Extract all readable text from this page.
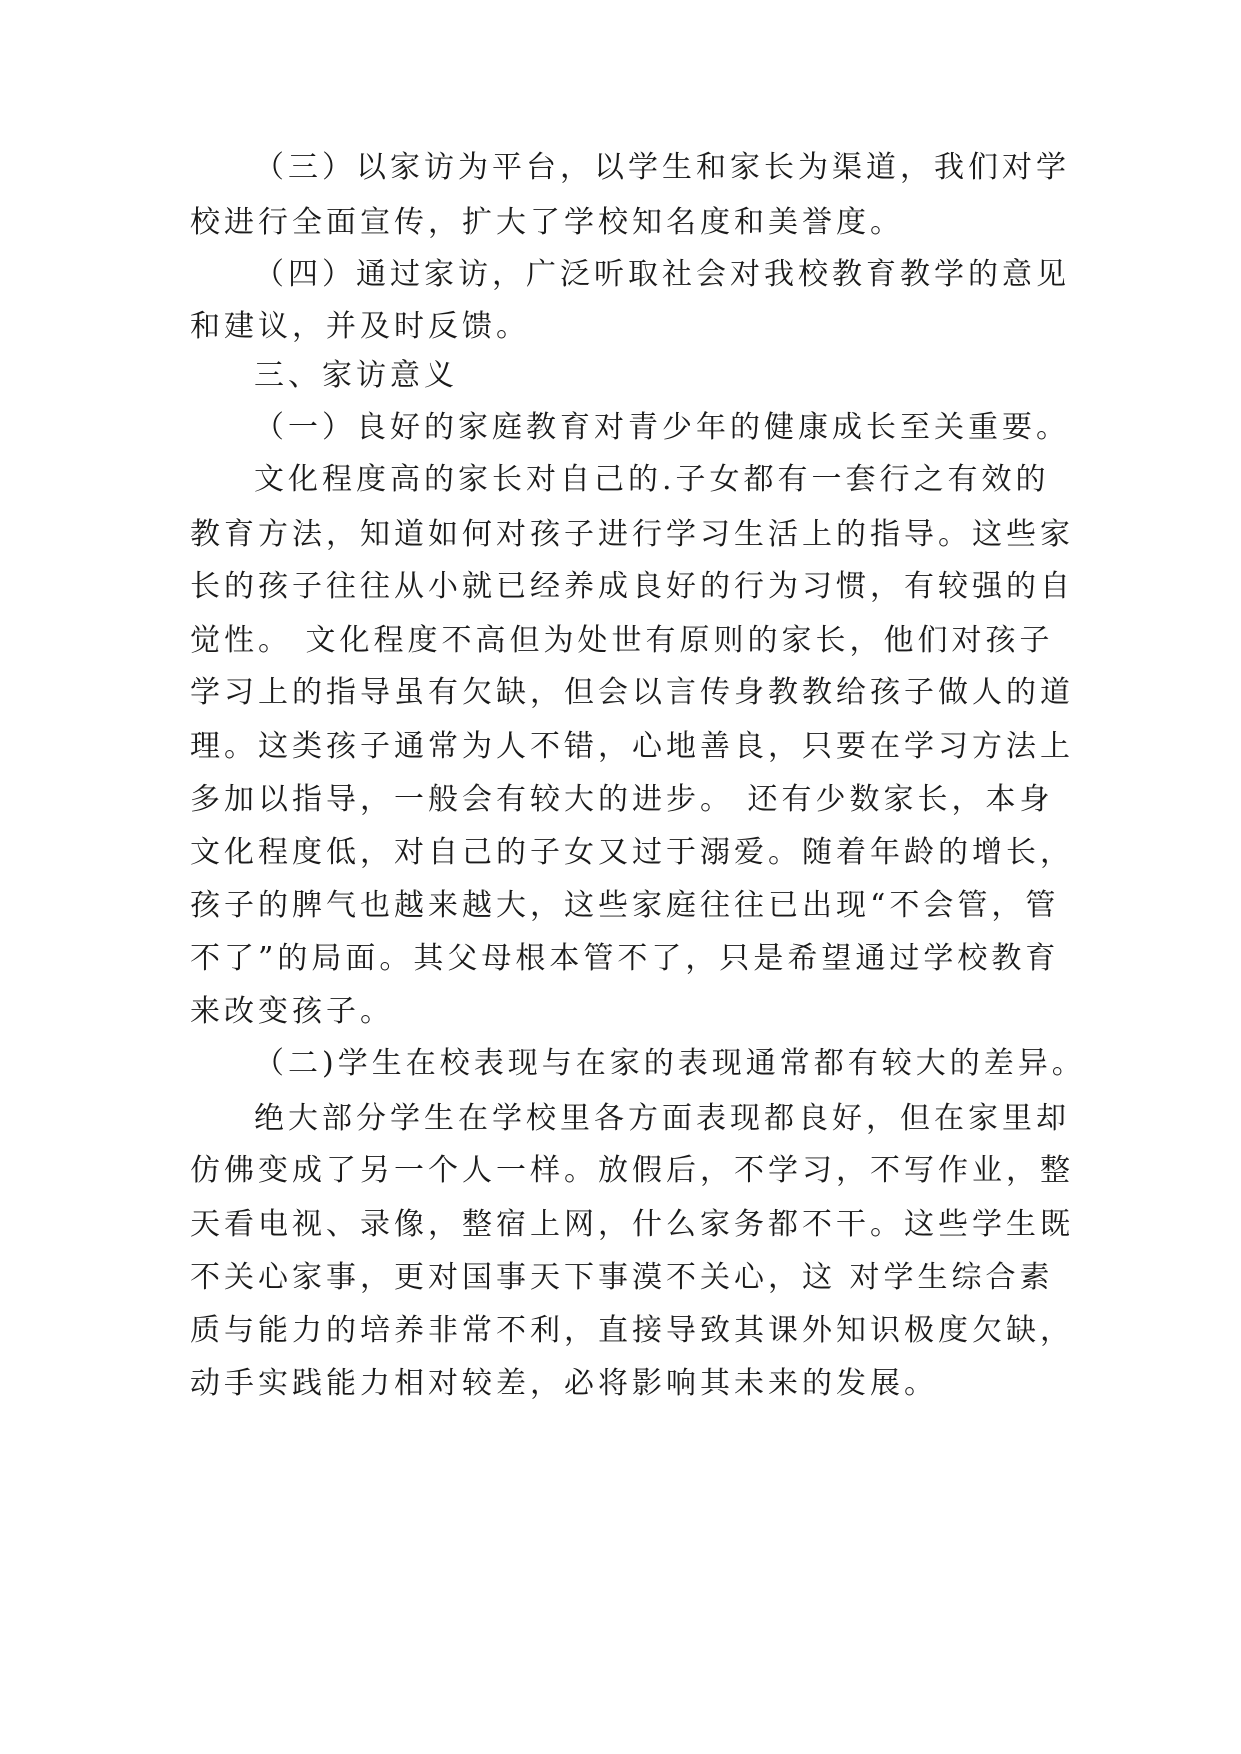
（三）以家访为平台，以学生和家长为渠道，我们对学
校进行全面宣传，扩大了学校知名度和美誉度。
（四）通过家访，广泛听取社会对我校教育教学的意见
和建议，并及时反馈。
三、家访意义
（一）良好的家庭教育对青少年的健康成长至关重要。
文化程度高的家长对自己的.子女都有一套行之有效的
教育方法，知道如何对孩子进行学习生活上的指导。这些家
长的孩子往往从小就已经养成良好的行为习惯，有较强的自
觉性。 文化程度不高但为处世有原则的家长，他们对孩子
学习上的指导虽有欠缺，但会以言传身教教给孩子做人的道
理。这类孩子通常为人不错，心地善良，只要在学习方法上
多加以指导，一般会有较大的进步。 还有少数家长，本身
文化程度低，对自己的子女又过于溺爱。随着年龄的增长，
孩子的脾气也越来越大，这些家庭往往已出现“不会管，管
不了”的局面。其父母根本管不了，只是希望通过学校教育
来改变孩子。
（二)学生在校表现与在家的表现通常都有较大的差异。
绝大部分学生在学校里各方面表现都良好，但在家里却
仿佛变成了另一个人一样。放假后，不学习，不写作业，整
天看电视、录像，整宿上网，什么家务都不干。这些学生既
不关心家事，更对国事天下事漠不关心，这 对学生综合素
质与能力的培养非常不利，直接导致其课外知识极度欠缺，
动手实践能力相对较差，必将影响其未来的发展。
